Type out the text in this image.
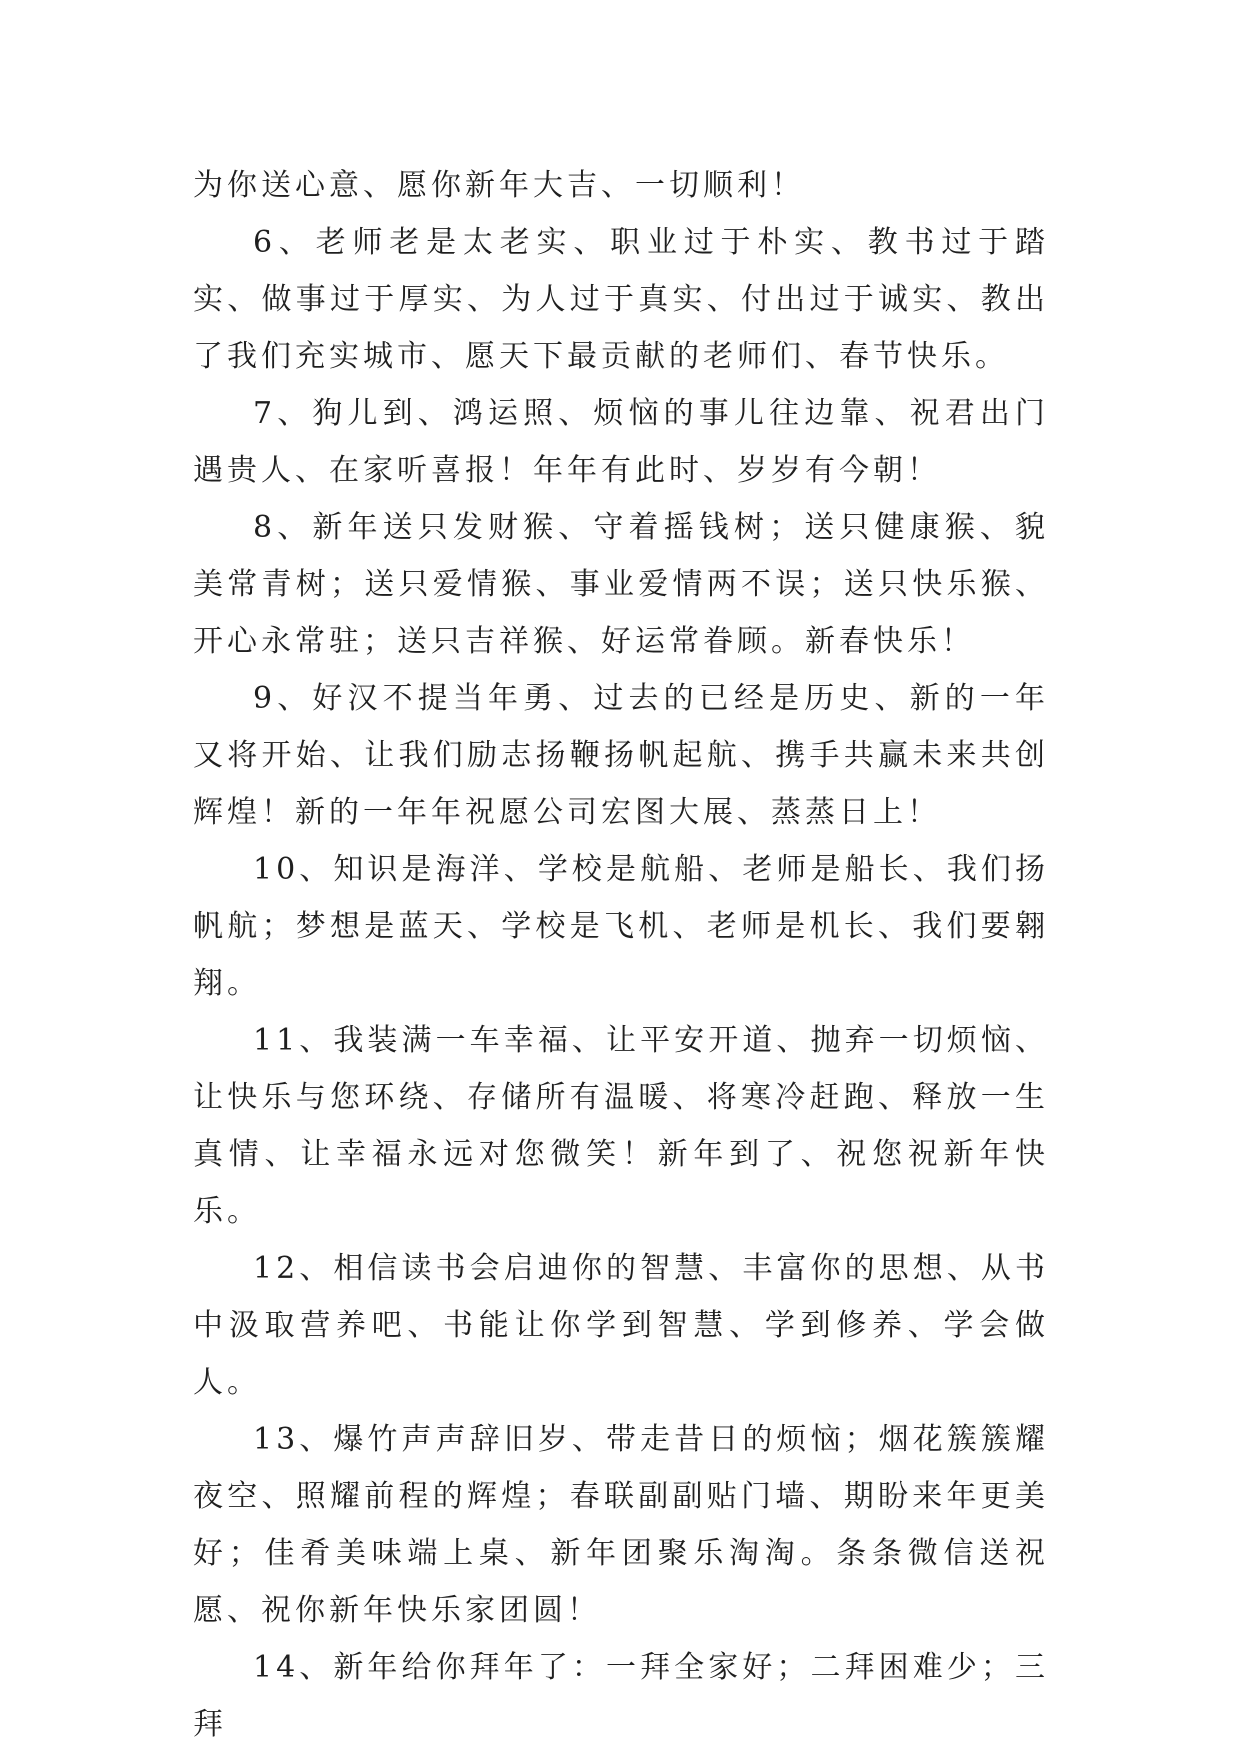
为你送心意、愿你新年大吉、一切顺利！

6、老师老是太老实、职业过于朴实、教书过于踏实、做事过于厚实、为人过于真实、付出过于诚实、教出了我们充实城市、愿天下最贡献的老师们、春节快乐。

7、狗儿到、鸿运照、烦恼的事儿往边靠、祝君出门遇贵人、在家听喜报！年年有此时、岁岁有今朝！

8、新年送只发财猴、守着摇钱树；送只健康猴、貌美常青树；送只爱情猴、事业爱情两不误；送只快乐猴、开心永常驻；送只吉祥猴、好运常眷顾。新春快乐！

9、好汉不提当年勇、过去的已经是历史、新的一年又将开始、让我们励志扬鞭扬帆起航、携手共赢未来共创辉煌！新的一年年祝愿公司宏图大展、蒸蒸日上！

10、知识是海洋、学校是航船、老师是船长、我们扬帆航；梦想是蓝天、学校是飞机、老师是机长、我们要翱翔。

11、我装满一车幸福、让平安开道、抛弃一切烦恼、让快乐与您环绕、存储所有温暖、将寒冷赶跑、释放一生真情、让幸福永远对您微笑！新年到了、祝您祝新年快乐。

12、相信读书会启迪你的智慧、丰富你的思想、从书中汲取营养吧、书能让你学到智慧、学到修养、学会做人。

13、爆竹声声辞旧岁、带走昔日的烦恼；烟花簇簇耀夜空、照耀前程的辉煌；春联副副贴门墙、期盼来年更美好；佳肴美味端上桌、新年团聚乐淘淘。条条微信送祝愿、祝你新年快乐家团圆！

14、新年给你拜年了：一拜全家好；二拜困难少；三拜
